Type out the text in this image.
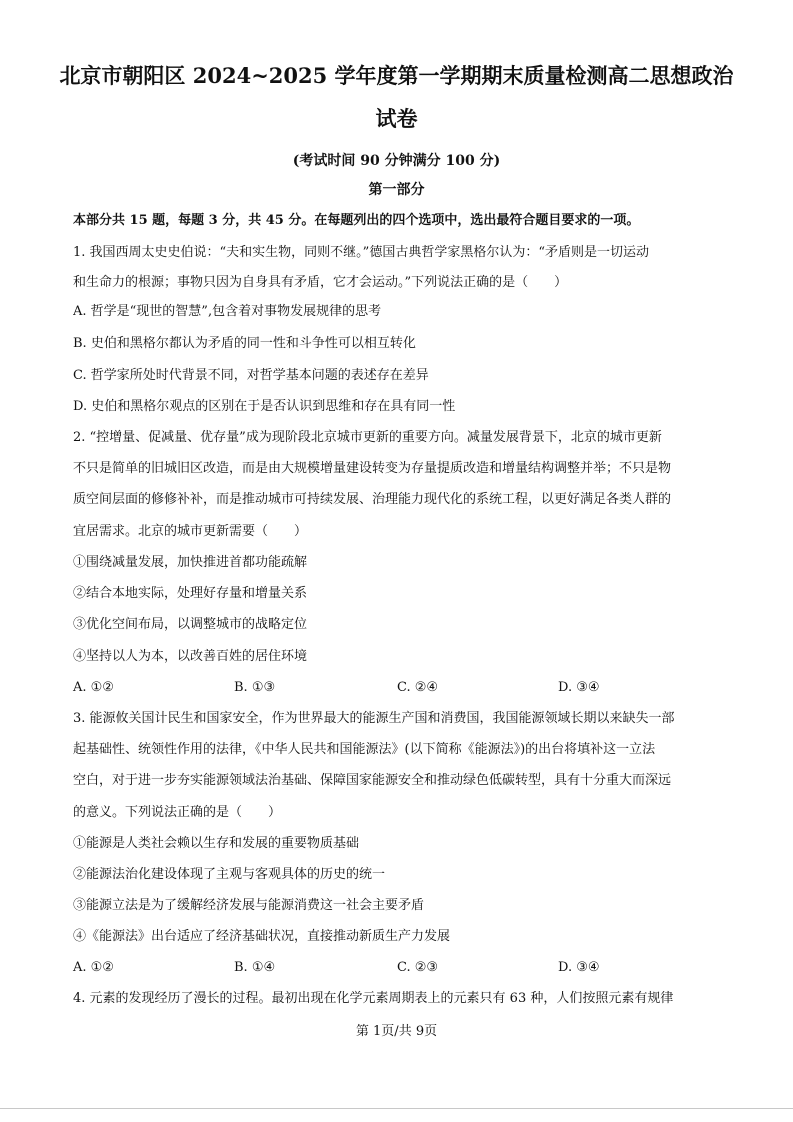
北京市朝阳区 2024~2025 学年度第一学期期末质量检测高二思想政治
试卷
(考试时间 90 分钟满分 100 分)
第一部分
本部分共 15 题，每题 3 分，共 45 分。在每题列出的四个选项中，选出最符合题目要求的一项。
1. 我国西周太史史伯说：“夫和实生物，同则不继。”德国古典哲学家黑格尔认为：“矛盾则是一切运动
和生命力的根源；事物只因为自身具有矛盾，它才会运动。”下列说法正确的是（　　）
A. 哲学是“现世的智慧”,包含着对事物发展规律的思考
B. 史伯和黑格尔都认为矛盾的同一性和斗争性可以相互转化
C. 哲学家所处时代背景不同，对哲学基本问题的表述存在差异
D. 史伯和黑格尔观点的区别在于是否认识到思维和存在具有同一性
2. “控增量、促减量、优存量”成为现阶段北京城市更新的重要方向。减量发展背景下，北京的城市更新
不只是简单的旧城旧区改造，而是由大规模增量建设转变为存量提质改造和增量结构调整并举；不只是物
质空间层面的修修补补，而是推动城市可持续发展、治理能力现代化的系统工程，以更好满足各类人群的
宜居需求。北京的城市更新需要（　　）
①围绕减量发展，加快推进首都功能疏解
②结合本地实际，处理好存量和增量关系
③优化空间布局，以调整城市的战略定位
④坚持以人为本，以改善百姓的居住环境
A. ①②	B. ①③	C. ②④	D. ③④
3. 能源攸关国计民生和国家安全，作为世界最大的能源生产国和消费国，我国能源领域长期以来缺失一部
起基础性、统领性作用的法律，《中华人民共和国能源法》(以下简称《能源法》)的出台将填补这一立法
空白，对于进一步夯实能源领域法治基础、保障国家能源安全和推动绿色低碳转型，具有十分重大而深远
的意义。下列说法正确的是（　　）
①能源是人类社会赖以生存和发展的重要物质基础
②能源法治化建设体现了主观与客观具体的历史的统一
③能源立法是为了缓解经济发展与能源消费这一社会主要矛盾
④《能源法》出台适应了经济基础状况，直接推动新质生产力发展
A. ①②	B. ①④	C. ②③	D. ③④
4. 元素的发现经历了漫长的过程。最初出现在化学元素周期表上的元素只有 63 种，人们按照元素有规律
第 1页/共 9页
